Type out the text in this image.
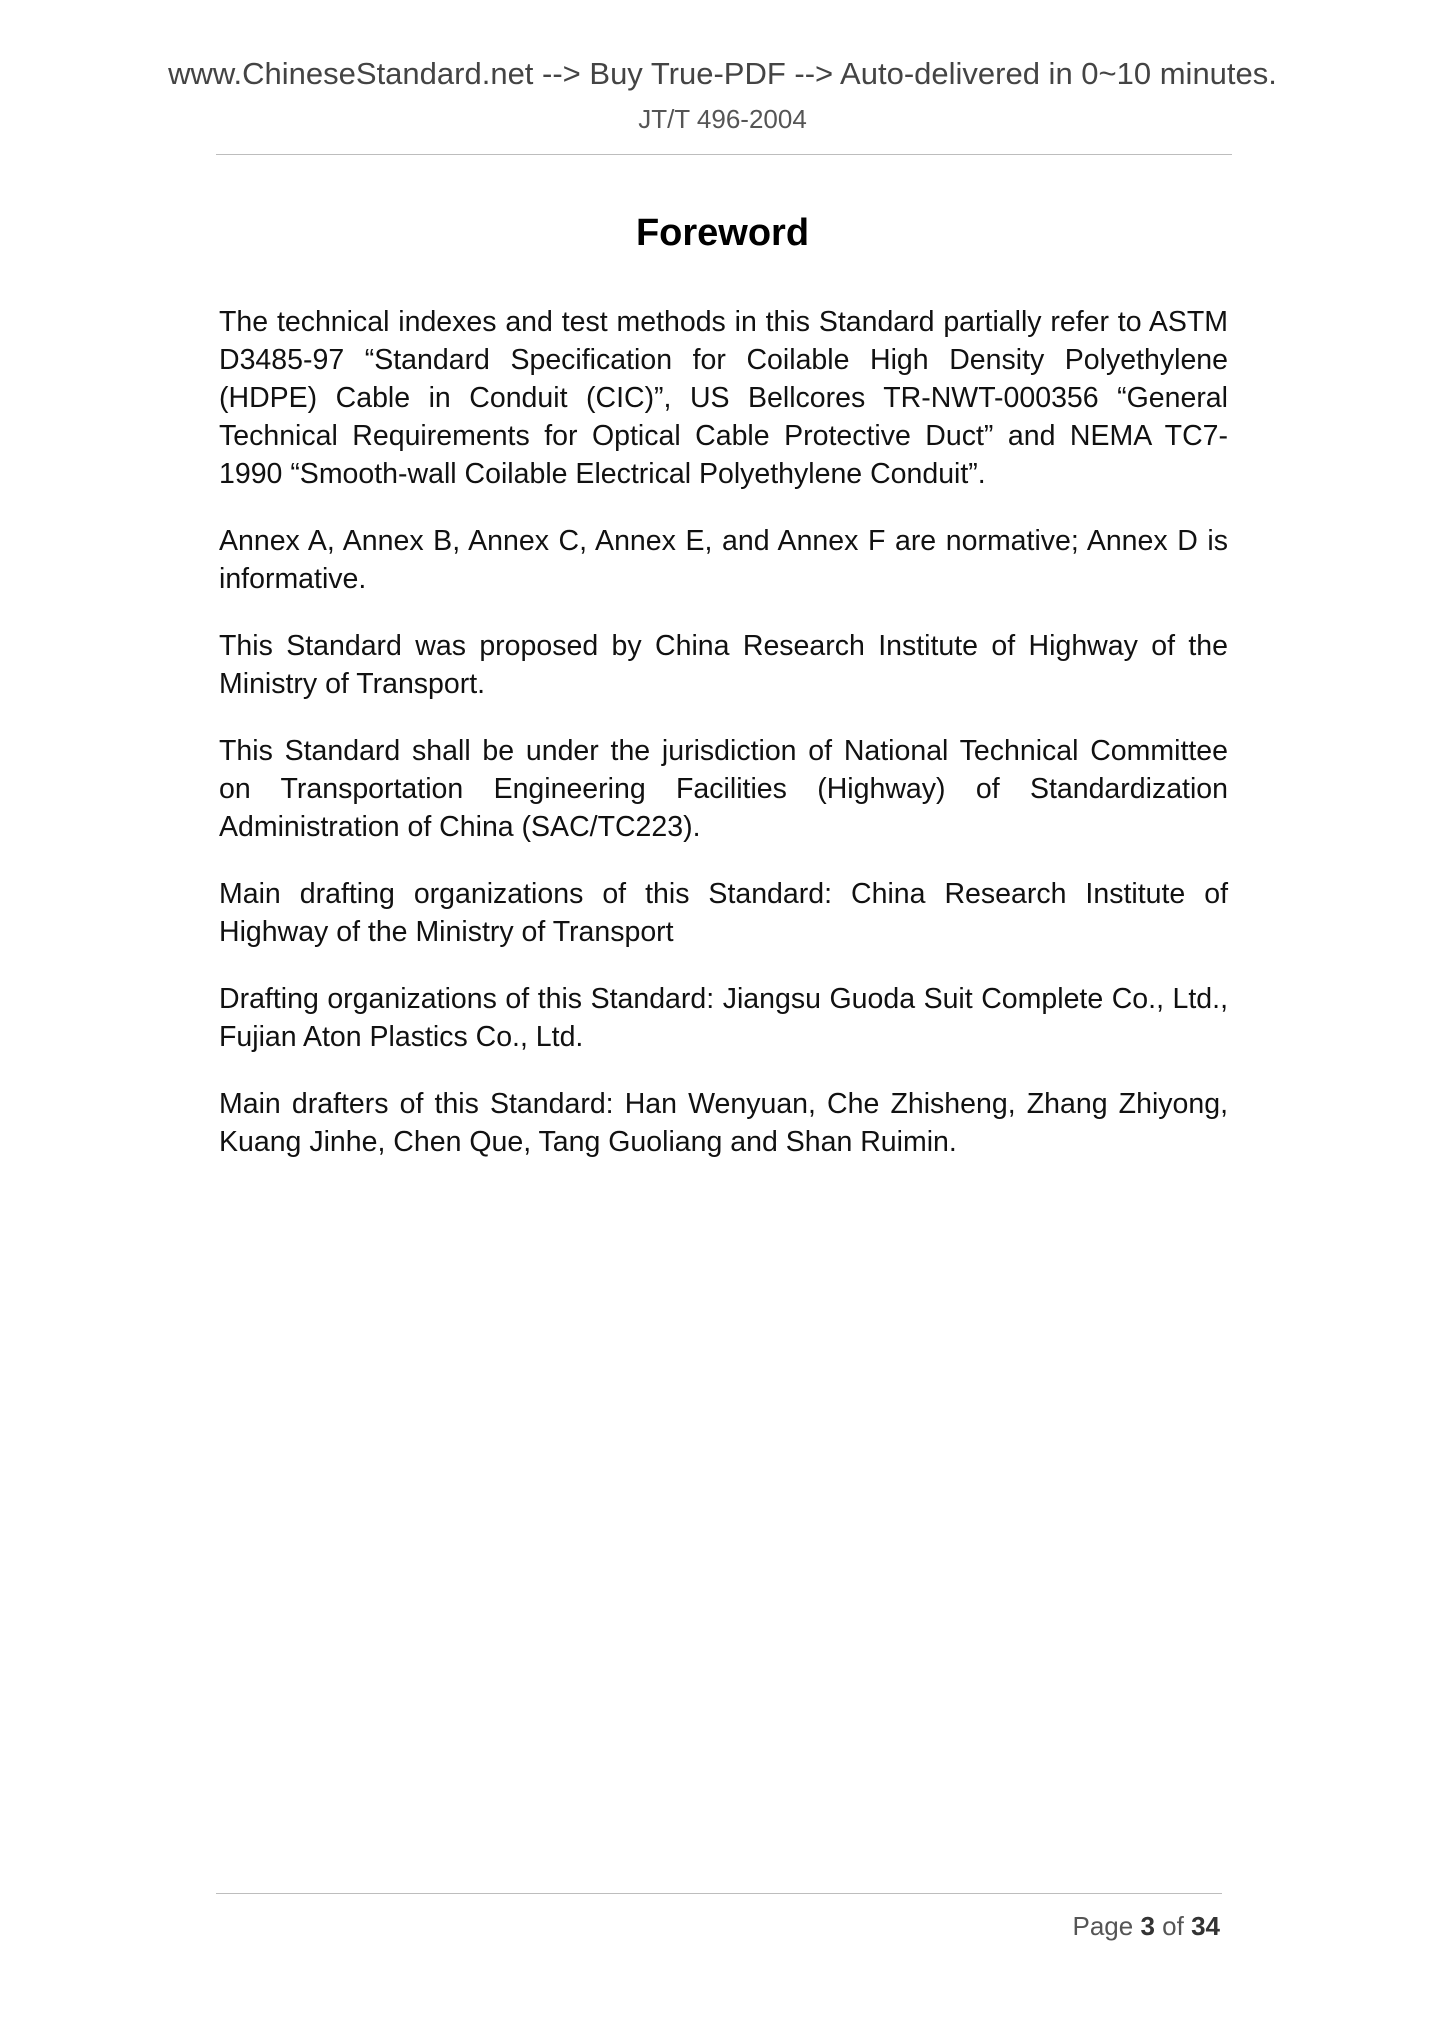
www.ChineseStandard.net --> Buy True-PDF --> Auto-delivered in 0~10 minutes.
JT/T 496-2004
Foreword

The technical indexes and test methods in this Standard partially refer to ASTM D3485-97 “Standard Specification for Coilable High Density Polyethylene (HDPE) Cable in Conduit (CIC)”, US Bellcores TR-NWT-000356 “General Technical Requirements for Optical Cable Protective Duct” and NEMA TC7-1990 “Smooth-wall Coilable Electrical Polyethylene Conduit”.

Annex A, Annex B, Annex C, Annex E, and Annex F are normative; Annex D is informative.

This Standard was proposed by China Research Institute of Highway of the Ministry of Transport.

This Standard shall be under the jurisdiction of National Technical Committee on Transportation Engineering Facilities (Highway) of Standardization Administration of China (SAC/TC223).

Main drafting organizations of this Standard: China Research Institute of Highway of the Ministry of Transport

Drafting organizations of this Standard: Jiangsu Guoda Suit Complete Co., Ltd., Fujian Aton Plastics Co., Ltd.

Main drafters of this Standard: Han Wenyuan, Che Zhisheng, Zhang Zhiyong, Kuang Jinhe, Chen Que, Tang Guoliang and Shan Ruimin.

Page 3 of 34
